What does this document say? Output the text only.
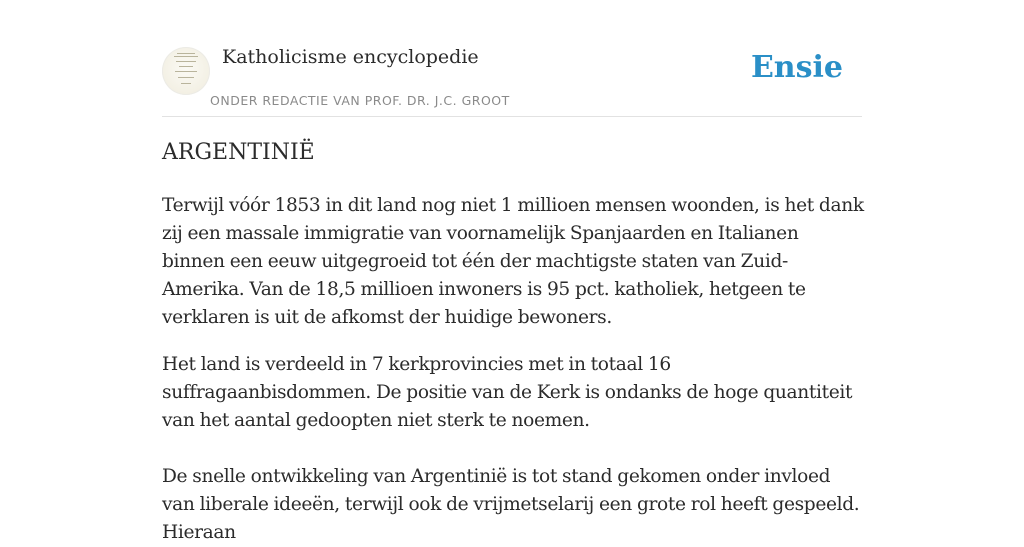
Katholicisme encyclopedie
ONDER REDACTIE VAN PROF. DR. J.C. GROOT
Ensie
ARGENTINIË

Terwijl vóór 1853 in dit land nog niet 1 millioen mensen woonden, is het dank zij een massale immigratie van voornamelijk Spanjaarden en Italianen binnen een eeuw uitgegroeid tot één der machtigste staten van Zuid-Amerika. Van de 18,5 millioen inwoners is 95 pct. katholiek, hetgeen te verklaren is uit de afkomst der huidige bewoners.

Het land is verdeeld in 7 kerkprovincies met in totaal 16 suffragaanbisdommen. De positie van de Kerk is ondanks de hoge quantiteit van het aantal gedoopten niet sterk te noemen.

De snelle ontwikkeling van Argentinië is tot stand gekomen onder invloed van liberale ideeën, terwijl ook de vrijmetselarij een grote rol heeft gespeeld. Hieraan
